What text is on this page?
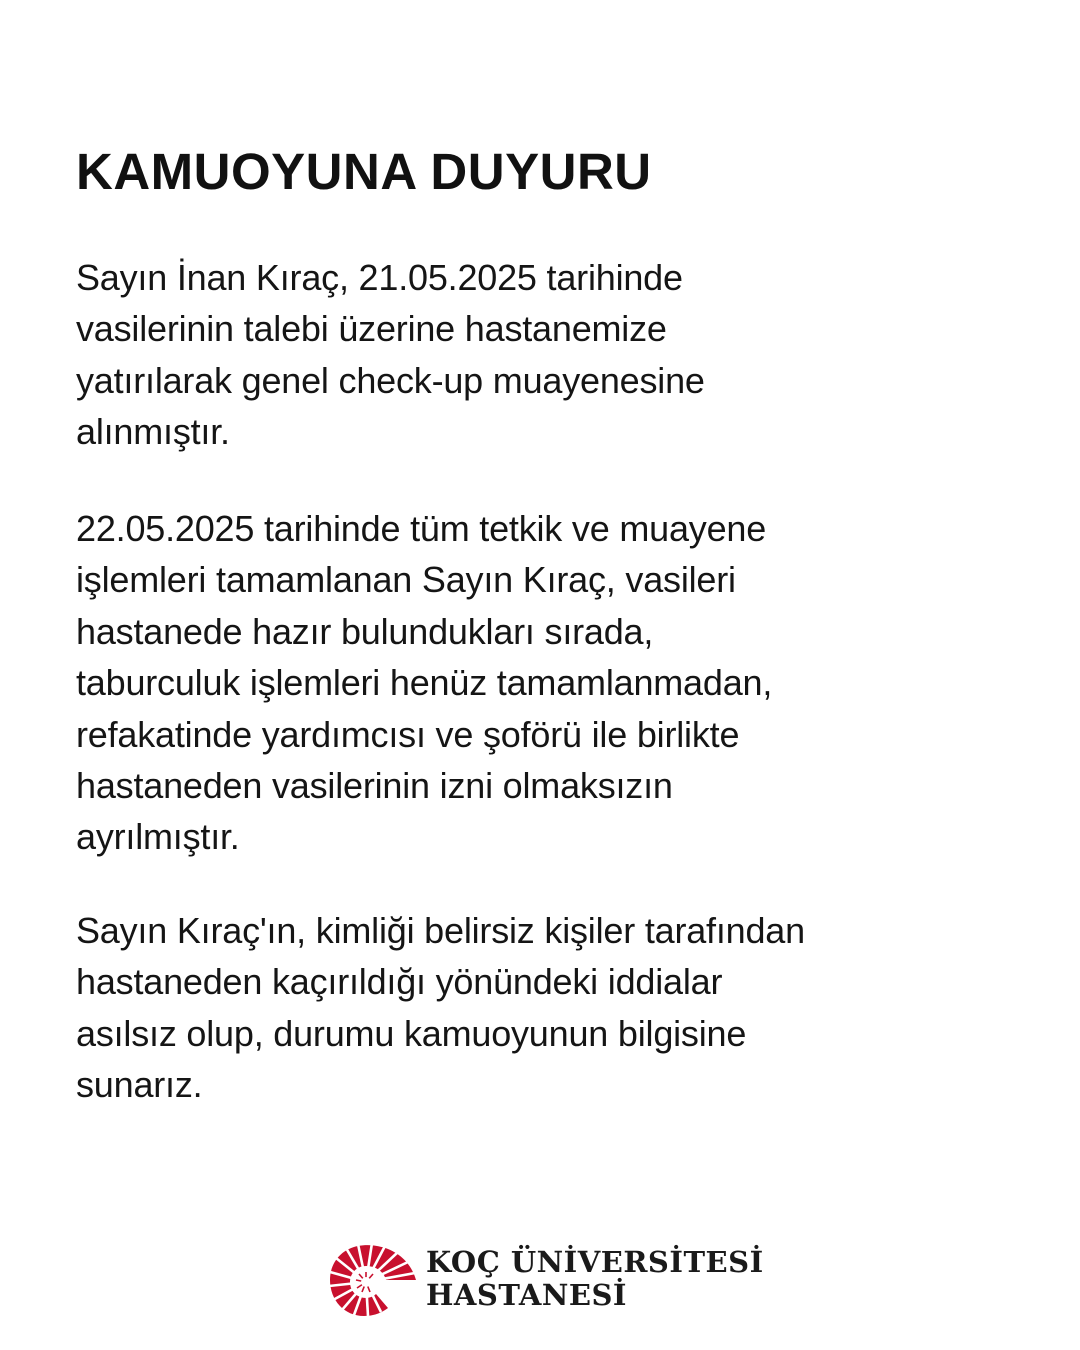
KAMUOYUNA DUYURU

Sayın İnan Kıraç, 21.05.2025 tarihinde
vasilerinin talebi üzerine hastanemize
yatırılarak genel check-up muayenesine
alınmıştır.

22.05.2025 tarihinde tüm tetkik ve muayene
işlemleri tamamlanan Sayın Kıraç, vasileri
hastanede hazır bulundukları sırada,
taburculuk işlemleri henüz tamamlanmadan,
refakatinde yardımcısı ve şoförü ile birlikte
hastaneden vasilerinin izni olmaksızın
ayrılmıştır.

Sayın Kıraç'ın, kimliği belirsiz kişiler tarafından
hastaneden kaçırıldığı yönündeki iddialar
asılsız olup, durumu kamuoyunun bilgisine
sunarız.

KOÇ ÜNİVERSİTESİ
HASTANESİ
